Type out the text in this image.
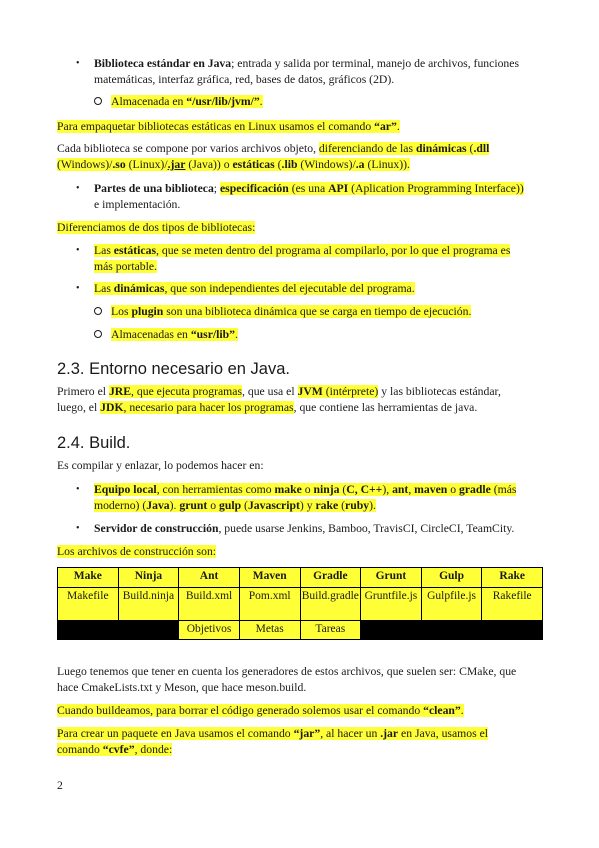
• Biblioteca estándar en Java; entrada y salida por terminal, manejo de archivos, funciones
matemáticas, interfaz gráfica, red, bases de datos, gráficos (2D).

Almacenada en “/usr/lib/jvm/”.

Para empaquetar bibliotecas estáticas en Linux usamos el comando “ar”.

Cada biblioteca se compone por varios archivos objeto, diferenciando de las dinámicas (.dll
(Windows)/.so (Linux)/.jar (Java)) o estáticas (.lib (Windows)/.a (Linux)).

• Partes de una biblioteca; especificación (es una API (Aplication Programming Interface))
e implementación.

Diferenciamos de dos tipos de bibliotecas:

• Las estáticas, que se meten dentro del programa al compilarlo, por lo que el programa es
más portable.

• Las dinámicas, que son independientes del ejecutable del programa.

Los plugin son una biblioteca dinámica que se carga en tiempo de ejecución.

Almacenadas en “usr/lib”.

2.3. Entorno necesario en Java.

Primero el JRE, que ejecuta programas, que usa el JVM (intérprete) y las bibliotecas estándar,
luego, el JDK, necesario para hacer los programas, que contiene las herramientas de java.

2.4. Build.

Es compilar y enlazar, lo podemos hacer en:

• Equipo local, con herramientas como make o ninja (C, C++), ant, maven o gradle (más
moderno) (Java). grunt o gulp (Javascript) y rake (ruby).

• Servidor de construcción, puede usarse Jenkins, Bamboo, TravisCI, CircleCI, TeamCity.

Los archivos de construcción son:

Make	Ninja	Ant	Maven	Gradle	Grunt	Gulp	Rake
Makefile	Build.ninja	Build.xml	Pom.xml	Build.gradle	Gruntfile.js	Gulpfile.js	Rakefile
		Objetivos	Metas	Tareas			

Luego tenemos que tener en cuenta los generadores de estos archivos, que suelen ser: CMake, que
hace CmakeLists.txt y Meson, que hace meson.build.

Cuando buildeamos, para borrar el código generado solemos usar el comando “clean”.

Para crear un paquete en Java usamos el comando “jar”, al hacer un .jar en Java, usamos el
comando “cvfe”, donde:

2
